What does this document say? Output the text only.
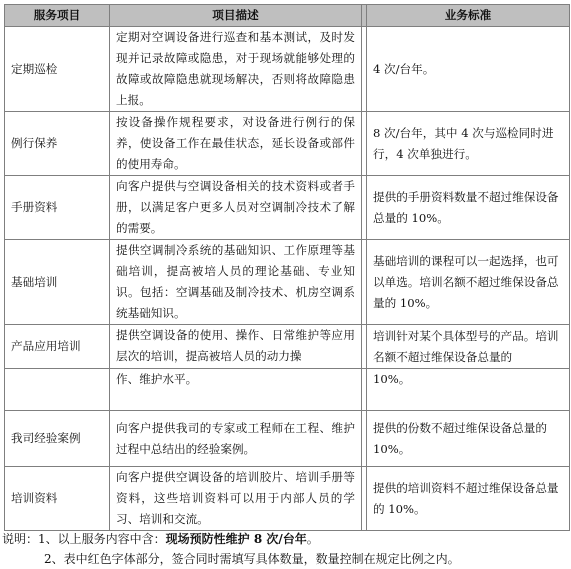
服务项目	项目描述		业务标准
定期巡检	定期对空调设备进行巡查和基本测试，及时发现并记录故障或隐患，对于现场就能够处理的故障或故障隐患就现场解决，否则将故障隐患上报。		4 次/台年。
例行保养	按设备操作规程要求，对设备进行例行的保养，使设备工作在最佳状态，延长设备或部件的使用寿命。		8 次/台年，其中 4 次与巡检同时进行，4 次单独进行。
手册资料	向客户提供与空调设备相关的技术资料或者手册，以满足客户更多人员对空调制冷技术了解的需要。		提供的手册资料数量不超过维保设备总量的 10%。
基础培训	提供空调制冷系统的基础知识、工作原理等基础培训，提高被培人员的理论基础、专业知识。包括：空调基础及制冷技术、机房空调系统基础知识。		基础培训的课程可以一起选择，也可以单选。培训名额不超过维保设备总量的 10%。
产品应用培训	提供空调设备的使用、操作、日常维护等应用层次的培训，提高被培人员的动力操		培训针对某个具体型号的产品。培训名额不超过维保设备总量的
	作、维护水平。		10%。
我司经验案例	向客户提供我司的专家或工程师在工程、维护过程中总结出的经验案例。		提供的份数不超过维保设备总量的 10%。
培训资料	向客户提供空调设备的培训胶片、培训手册等资料，这些培训资料可以用于内部人员的学习、培训和交流。		提供的培训资料不超过维保设备总量的 10%。
说明：1、以上服务内容中含：现场预防性维护 8 次/台年。
2、表中红色字体部分，签合同时需填写具体数量，数量控制在规定比例之内。
